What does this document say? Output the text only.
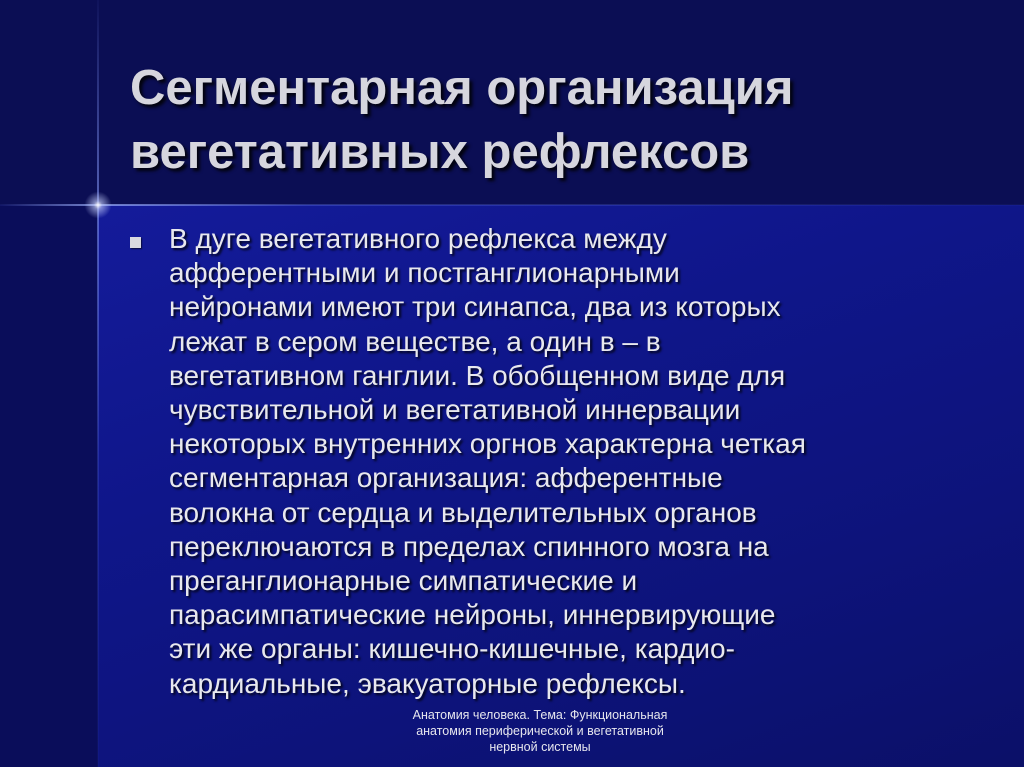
Сегментарная организация
вегетативных рефлексов

В дуге вегетативного рефлекса между
афферентными и постганглионарными
нейронами имеют три синапса, два из которых
лежат в сером веществе, а один в – в
вегетативном ганглии. В обобщенном виде для
чувствительной и вегетативной иннервации
некоторых внутренних оргнов характерна четкая
сегментарная организация: афферентные
волокна от сердца и выделительных органов
переключаются в пределах спинного мозга на
преганглионарные симпатические и
парасимпатические нейроны, иннервирующие
эти же органы: кишечно-кишечные, кардио-
кардиальные, эвакуаторные рефлексы.

Анатомия человека. Тема: Функциональная
анатомия периферической и вегетативной
нервной системы
